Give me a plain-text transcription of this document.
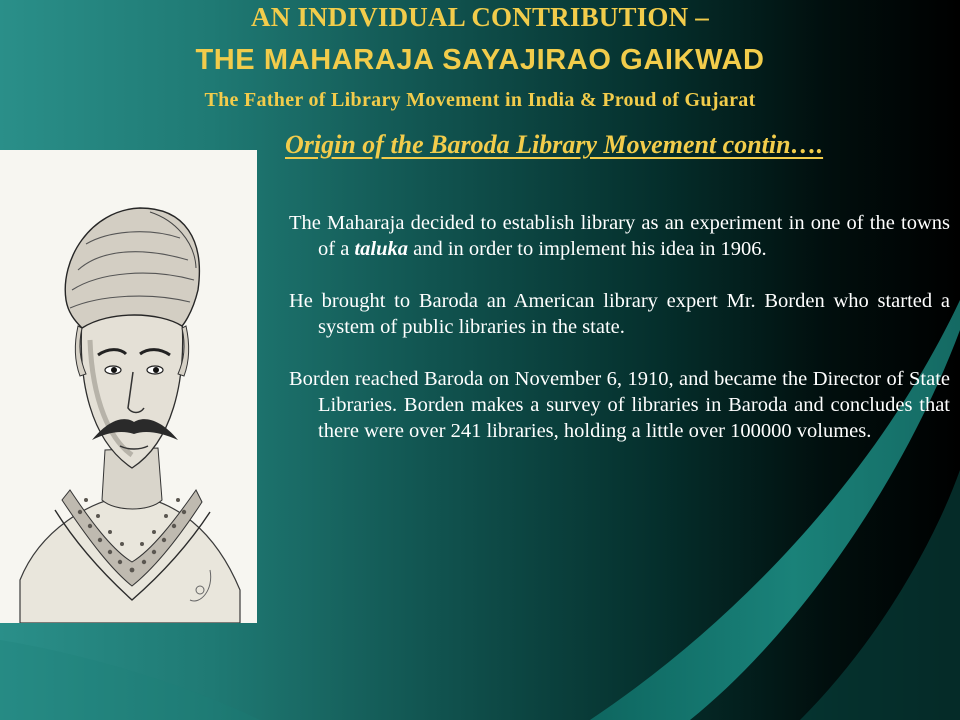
AN INDIVIDUAL CONTRIBUTION –
THE MAHARAJA SAYAJIRAO GAIKWAD
The Father of Library Movement in India & Proud of Gujarat
Origin of the Baroda Library Movement contin….

The Maharaja decided to establish library as an experiment in one of the towns of a taluka and in order to implement his idea in 1906.

He brought to Baroda an American library expert Mr. Borden who started a system of public libraries in the state.

Borden reached Baroda on November 6, 1910, and became the Director of State Libraries. Borden makes a survey of libraries in Baroda and concludes that there were over 241 libraries, holding a little over 100000 volumes.
